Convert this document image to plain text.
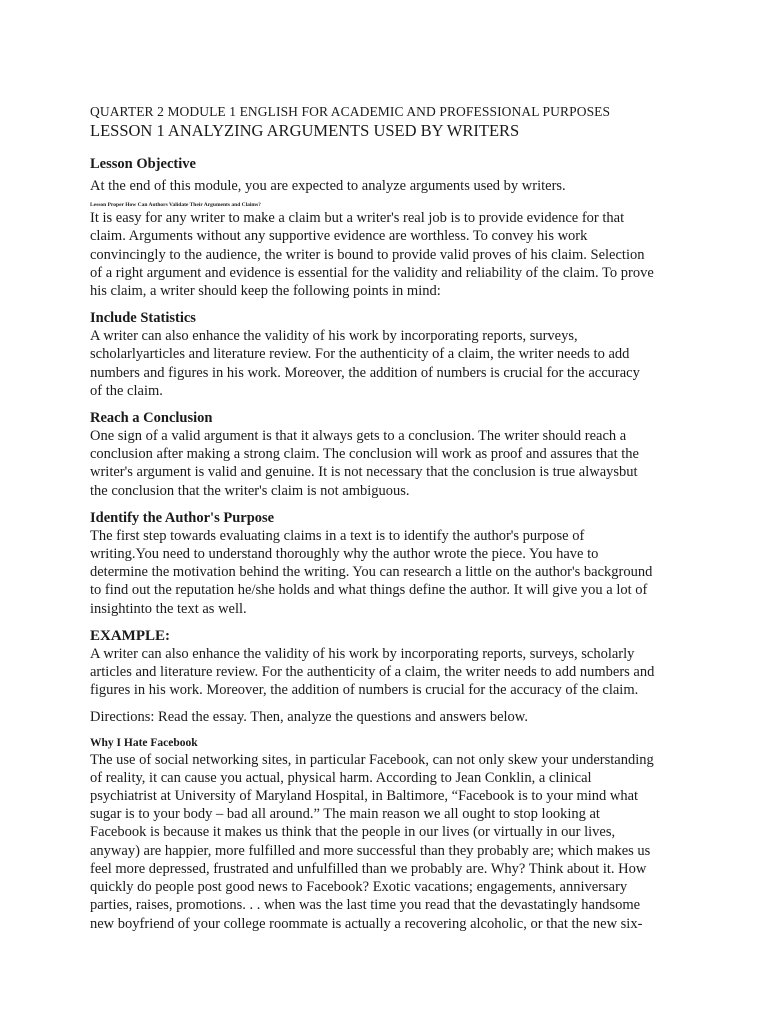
QUARTER 2 MODULE 1 ENGLISH FOR ACADEMIC AND PROFESSIONAL PURPOSES

LESSON 1 ANALYZING ARGUMENTS USED BY WRITERS

Lesson Objective

At the end of this module, you are expected to analyze arguments used by writers.

Lesson Proper How Can Authors Validate Their Arguments and Claims?

It is easy for any writer to make a claim but a writer's real job is to provide evidence for that
claim. Arguments without any supportive evidence are worthless. To convey his work
convincingly to the audience, the writer is bound to provide valid proves of his claim. Selection
of a right argument and evidence is essential for the validity and reliability of the claim. To prove
his claim, a writer should keep the following points in mind:

Include Statistics

A writer can also enhance the validity of his work by incorporating reports, surveys,
scholarlyarticles and literature review. For the authenticity of a claim, the writer needs to add
numbers and figures in his work. Moreover, the addition of numbers is crucial for the accuracy
of the claim.

Reach a Conclusion

One sign of a valid argument is that it always gets to a conclusion. The writer should reach a
conclusion after making a strong claim. The conclusion will work as proof and assures that the
writer's argument is valid and genuine. It is not necessary that the conclusion is true alwaysbut
the conclusion that the writer's claim is not ambiguous.

Identify the Author's Purpose

The first step towards evaluating claims in a text is to identify the author's purpose of
writing.You need to understand thoroughly why the author wrote the piece. You have to
determine the motivation behind the writing. You can research a little on the author's background
to find out the reputation he/she holds and what things define the author. It will give you a lot of
insightinto the text as well.

EXAMPLE:

A writer can also enhance the validity of his work by incorporating reports, surveys, scholarly
articles and literature review. For the authenticity of a claim, the writer needs to add numbers and
figures in his work. Moreover, the addition of numbers is crucial for the accuracy of the claim.

Directions: Read the essay. Then, analyze the questions and answers below.

Why I Hate Facebook

The use of social networking sites, in particular Facebook, can not only skew your understanding
of reality, it can cause you actual, physical harm. According to Jean Conklin, a clinical
psychiatrist at University of Maryland Hospital, in Baltimore, “Facebook is to your mind what
sugar is to your body – bad all around.” The main reason we all ought to stop looking at
Facebook is because it makes us think that the people in our lives (or virtually in our lives,
anyway) are happier, more fulfilled and more successful than they probably are; which makes us
feel more depressed, frustrated and unfulfilled than we probably are. Why? Think about it. How
quickly do people post good news to Facebook? Exotic vacations; engagements, anniversary
parties, raises, promotions. . . when was the last time you read that the devastatingly handsome
new boyfriend of your college roommate is actually a recovering alcoholic, or that the new six-
